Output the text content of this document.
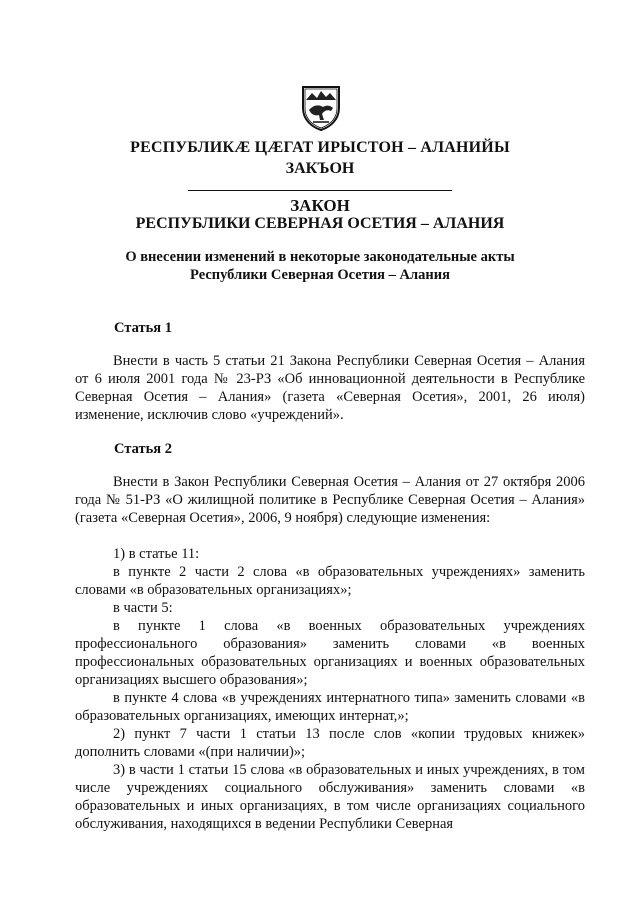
РЕСПУБЛИКÆ ЦÆГАТ ИРЫСТОН – АЛАНИЙЫ
ЗАКЪОН
ЗАКОН
РЕСПУБЛИКИ СЕВЕРНАЯ ОСЕТИЯ – АЛАНИЯ
О внесении изменений в некоторые законодательные акты
Республики Северная Осетия – Алания
Статья 1

Внести в часть 5 статьи 21 Закона Республики Северная Осетия – Алания от 6 июля 2001 года № 23-РЗ «Об инновационной деятельности в Республике Северная Осетия – Алания» (газета «Северная Осетия», 2001, 26 июля) изменение, исключив слово «учреждений».

Статья 2

Внести в Закон Республики Северная Осетия – Алания от 27 октября 2006 года № 51-РЗ «О жилищной политике в Республике Северная Осетия – Алания» (газета «Северная Осетия», 2006, 9 ноября) следующие изменения:

1) в статье 11:

в пункте 2 части 2 слова «в образовательных учреждениях» заменить словами «в образовательных организациях»;

в части 5:

в пункте 1 слова «в военных образовательных учреждениях профессионального образования» заменить словами «в военных профессиональных образовательных организациях и военных образовательных организациях высшего образования»;

в пункте 4 слова «в учреждениях интернатного типа» заменить словами «в образовательных организациях, имеющих интернат,»;

2) пункт 7 части 1 статьи 13 после слов «копии трудовых книжек» дополнить словами «(при наличии)»;

3) в части 1 статьи 15 слова «в образовательных и иных учреждениях, в том числе учреждениях социального обслуживания» заменить словами «в образовательных и иных организациях, в том числе организациях социального обслуживания, находящихся в ведении Республики Северная
